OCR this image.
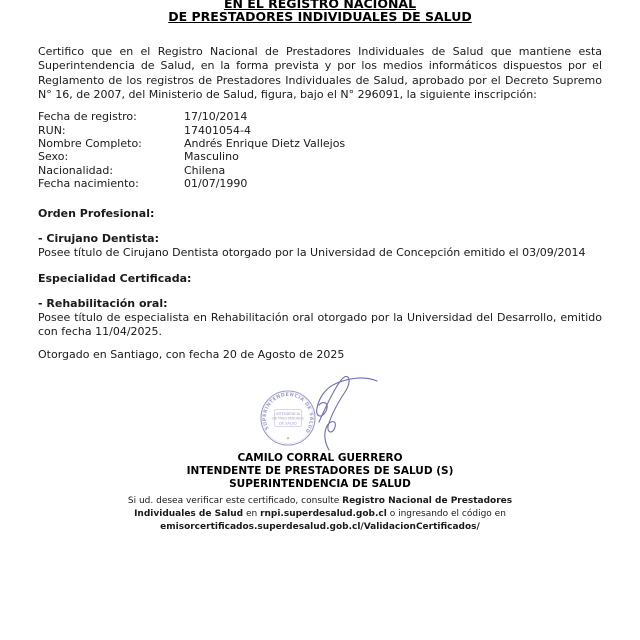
EN EL REGISTRO NACIONAL
DE PRESTADORES INDIVIDUALES DE SALUD

Certifico que en el Registro Nacional de Prestadores Individuales de Salud que mantiene esta Superintendencia de Salud, en la forma prevista y por los medios informáticos dispuestos por el Reglamento de los registros de Prestadores Individuales de Salud, aprobado por el Decreto Supremo N° 16, de 2007, del Ministerio de Salud, figura, bajo el N° 296091, la siguiente inscripción:

Fecha de registro:	17/10/2014
RUN:	17401054-4
Nombre Completo:	Andrés Enrique Dietz Vallejos
Sexo:	Masculino
Nacionalidad:	Chilena
Fecha nacimiento:	01/07/1990
Orden Profesional:
- Cirujano Dentista:
Posee título de Cirujano Dentista otorgado por la Universidad de Concepción emitido el 03/09/2014
Especialidad Certificada:
- Rehabilitación oral:
Posee título de especialista en Rehabilitación oral otorgado por la Universidad del Desarrollo, emitido con fecha 11/04/2025.

Otorgado en Santiago, con fecha 20 de Agosto de 2025

CAMILO CORRAL GUERRERO
INTENDENTE DE PRESTADORES DE SALUD (S)
SUPERINTENDENCIA DE SALUD

Si ud. desea verificar este certificado, consulte Registro Nacional de Prestadores Individuales de Salud en rnpi.superdesalud.gob.cl o ingresando el código en emisorcertificados.superdesalud.gob.cl/ValidacionCertificados/

SUPERINTENDENCIA DE SALUD
INTENDENCIA
DE PRESTADORES
DE SALUD
★
